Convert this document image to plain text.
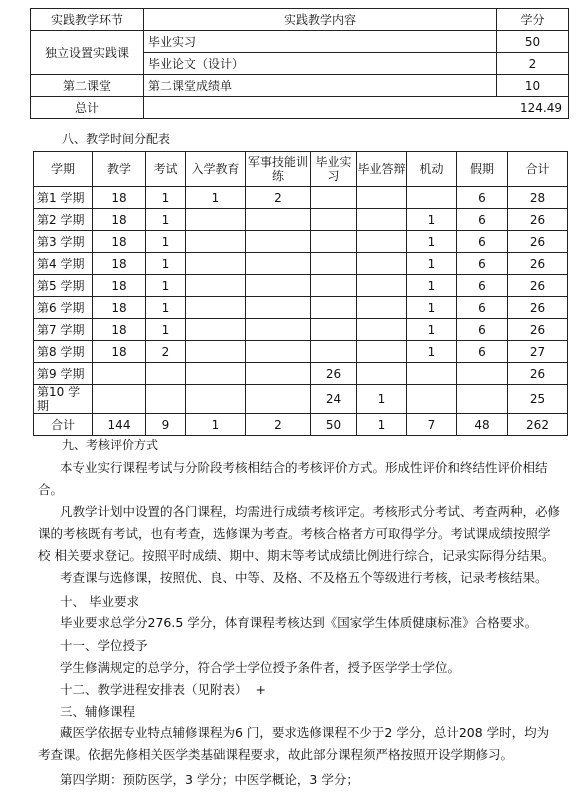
实践教学环节	实践教学内容	学分
独立设置实践课	毕业实习	50
	毕业论文（设计）	2
第二课堂	第二课堂成绩单	10
总计	124.49	
八、教学时间分配表
学期	教学	考试	入学教育	军事技能训练	毕业实习	毕业答辩	机动	假期	合计
第1 学期	18	1	1	2				6	28
第2 学期	18	1					1	6	26
第3 学期	18	1					1	6	26
第4 学期	18	1					1	6	26
第5 学期	18	1					1	6	26
第6 学期	18	1					1	6	26
第7 学期	18	1					1	6	26
第8 学期	18	2					1	6	27
第9 学期					26				26
第10 学期					24	1			25
合计	144	9	1	2	50	1	7	48	262
九、考核评价方式
本专业实行课程考试与分阶段考核相结合的考核评价方式。形成性评价和终结性评价相结合。
凡教学计划中设置的各门课程，均需进行成绩考核评定。考核形式分考试、考查两种，必修 课的考核既有考试，也有考查，选修课为考查。考核合格者方可取得学分。考试课成绩按照学校 相关要求登记。按照平时成绩、期中、期末等考试成绩比例进行综合，记录实际得分结果。
考查课与选修课，按照优、良、中等、及格、不及格五个等级进行考核，记录考核结果。
十、 毕业要求
毕业要求总学分276.5 学分，体育课程考核达到《国家学生体质健康标准》合格要求。
十一、学位授予
学生修满规定的总学分，符合学士学位授予条件者，授予医学学士学位。
十二、教学进程安排表（见附表） +
三、辅修课程
藏医学依据专业特点辅修课程为6 门，要求选修课程不少于2 学分，总计208 学时，均为考查课。依据先修相关医学类基础课程要求，故此部分课程须严格按照开设学期修习。
第四学期：预防医学，3 学分；中医学概论，3 学分；
